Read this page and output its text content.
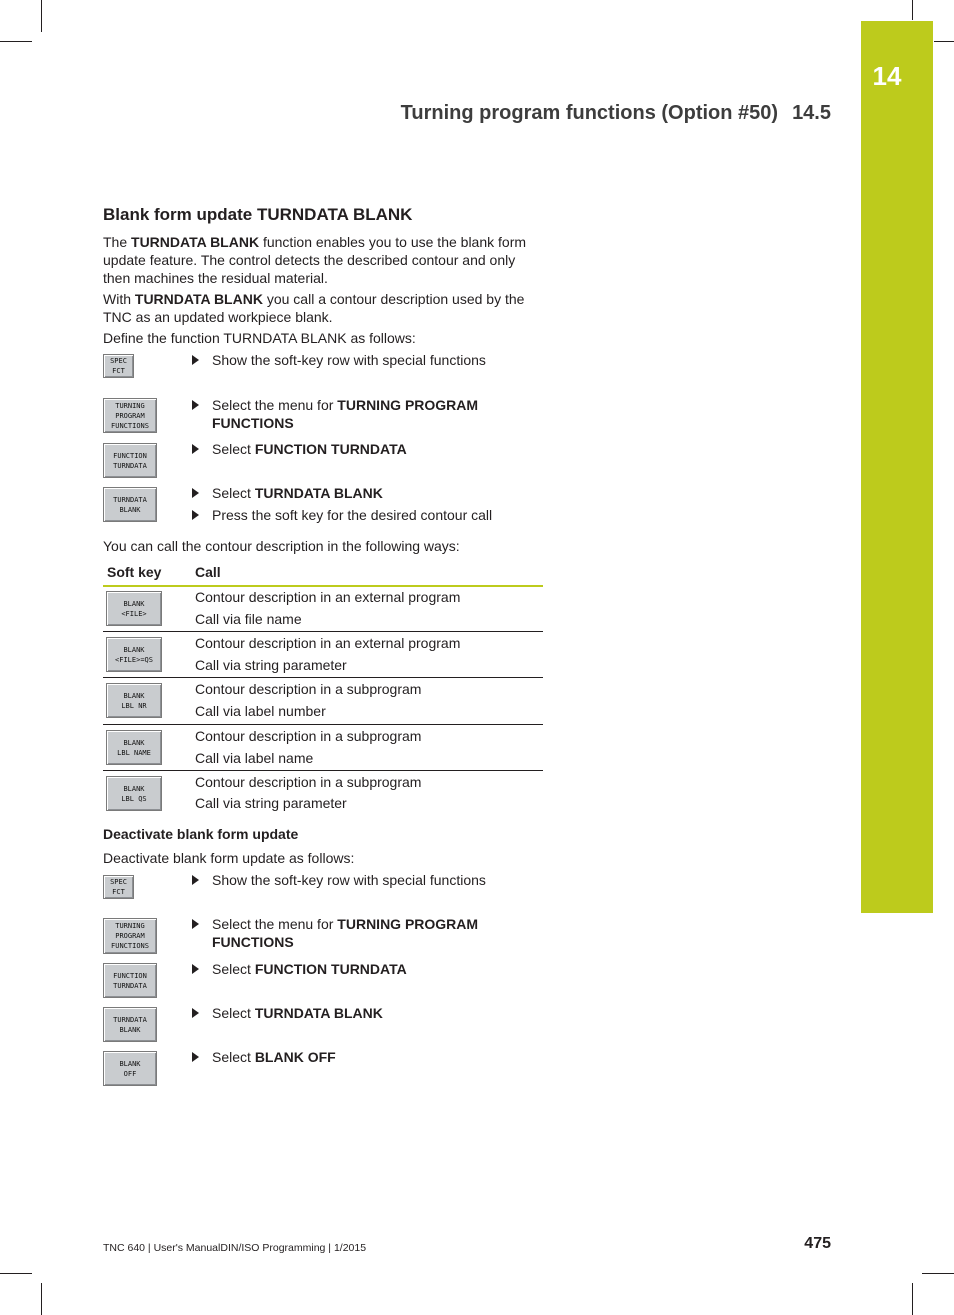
14
Turning program functions (Option #50) 14.5
Blank form update TURNDATA BLANK

The TURNDATA BLANK function enables you to use the blank form update feature. The control detects the described contour and only then machines the residual material.

With TURNDATA BLANK you call a contour description used by the TNC as an updated workpiece blank.

Define the function TURNDATA BLANK as follows:

SPEC
FCT
Show the soft-key row with special functions
TURNING
PROGRAM
FUNCTIONS
Select the menu for TURNING PROGRAM
FUNCTIONS
FUNCTION
TURNDATA
Select FUNCTION TURNDATA
TURNDATA
BLANK
Select TURNDATA BLANK
Press the soft key for the desired contour call

You can call the contour description in the following ways:

Soft key Call
BLANK
<FILE>
Contour description in an external program
Call via file name
BLANK
<FILE>=QS
Contour description in an external program
Call via string parameter
BLANK
LBL NR
Contour description in a subprogram
Call via label number
BLANK
LBL NAME
Contour description in a subprogram
Call via label name
BLANK
LBL QS
Contour description in a subprogram
Call via string parameter
Deactivate blank form update

Deactivate blank form update as follows:

SPEC
FCT
Show the soft-key row with special functions
TURNING
PROGRAM
FUNCTIONS
Select the menu for TURNING PROGRAM
FUNCTIONS
FUNCTION
TURNDATA
Select FUNCTION TURNDATA
TURNDATA
BLANK
Select TURNDATA BLANK
BLANK
OFF
Select BLANK OFF
TNC 640 | User's ManualDIN/ISO Programming | 1/2015	475
